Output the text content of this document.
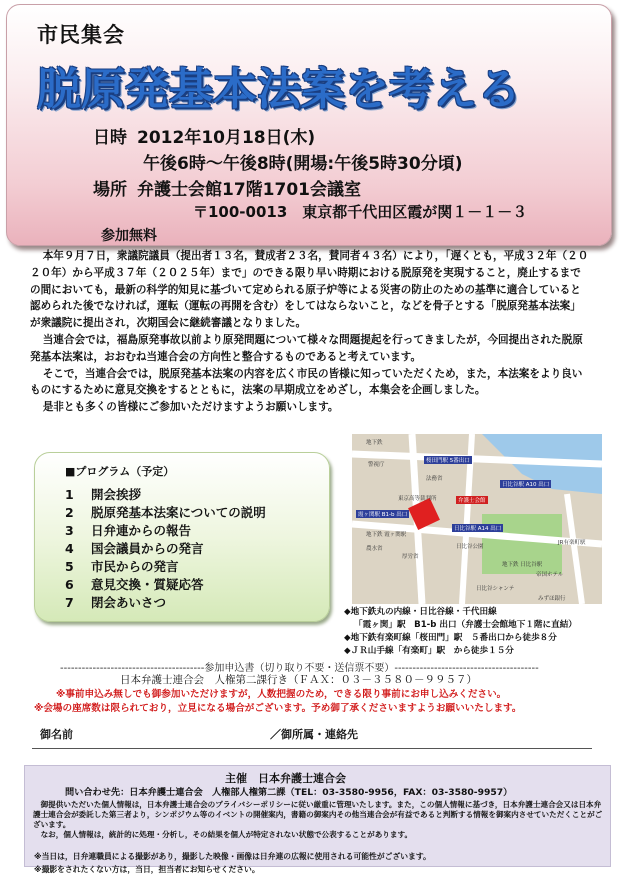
市民集会
脱原発基本法案を考える
日時 2012年10月18日(木)
午後6時～午後8時(開場:午後5時30分頃)
場所 弁護士会館17階1701会議室
〒100-0013　東京都千代田区霞が関１－１－３
参加無料

本年９月７日，衆議院議員（提出者１３名，賛成者２３名，賛同者４３名）により，「遅くとも，平成３２年（２０２０年）から平成３７年（２０２５年）まで」のできる限り早い時期における脱原発を実現すること，廃止するまでの間においても，最新の科学的知見に基づいて定められる原子炉等による災害の防止のための基準に適合していると認められた後でなければ，運転（運転の再開を含む）をしてはならないこと，などを骨子とする「脱原発基本法案」が衆議院に提出され，次期国会に継続審議となりました。

当連合会では，福島原発事故以前より原発問題について様々な問題提起を行ってきましたが，今回提出された脱原発基本法案は，おおむね当連合会の方向性と整合するものであると考えています。

そこで，当連合会では，脱原発基本法案の内容を広く市民の皆様に知っていただくため，また，本法案をより良いものにするために意見交換をするとともに，法案の早期成立をめざし，本集会を企画しました。

是非とも多くの皆様にご参加いただけますようお願いします。

■プログラム（予定）
1 開会挨拶
2 脱原発基本法案についての説明
3 日弁連からの報告
4 国会議員からの発言
5 市民からの発言
6 意見交換・質疑応答
7 閉会あいさつ
地下鉄
桜田門駅 5番出口
警視庁
法務省
東京高等裁判所	弁護士会館
日比谷駅 A10 出口
霞ヶ関駅 B1-b 出口
日比谷駅 A14 出口
地下鉄 霞ヶ関駅
農水省
厚労省
日比谷公園
JR有楽町駅
帝国ホテル
地下鉄 日比谷駅
日比谷シャンテ
みずほ銀行
◆地下鉄丸の内線・日比谷線・千代田線
「霞ヶ関」駅　B1-b 出口（弁護士会館地下１階に直結）
◆地下鉄有楽町線「桜田門」駅　５番出口から徒歩８分
◆ＪＲ山手線「有楽町」駅　から徒歩１５分
----------------------------------------参加申込書（切り取り不要・送信票不要）----------------------------------------
日本弁護士連合会　人権第二課行き（ＦＡＸ：０３－３５８０－９９５７）
※事前申込み無しでも御参加いただけますが，人数把握のため，できる限り事前にお申し込みください。
※会場の座席数は限られており，立見になる場合がございます。予め御了承くださいますようお願いいたします。
御名前	／御所属・連絡先
主催　日本弁護士連合会
問い合わせ先：日本弁護士連合会　人権部人権第二課（TEL：03-3580-9956，FAX：03-3580-9957）
御提供いただいた個人情報は，日本弁護士連合会のプライバシーポリシーに従い厳重に管理いたします。また，この個人情報に基づき，日本弁護士連合会又は日本弁護士連合会が委託した第三者より，シンポジウム等のイベントの開催案内，書籍の御案内その他当連合会が有益であると判断する情報を御案内させていただくことがございます。
なお，個人情報は，統計的に処理・分析し，その結果を個人が特定されない状態で公表することがあります。
※当日は，日弁連職員による撮影があり，撮影した映像・画像は日弁連の広報に使用される可能性がございます。
※撮影をされたくない方は，当日，担当者にお知らせください。
